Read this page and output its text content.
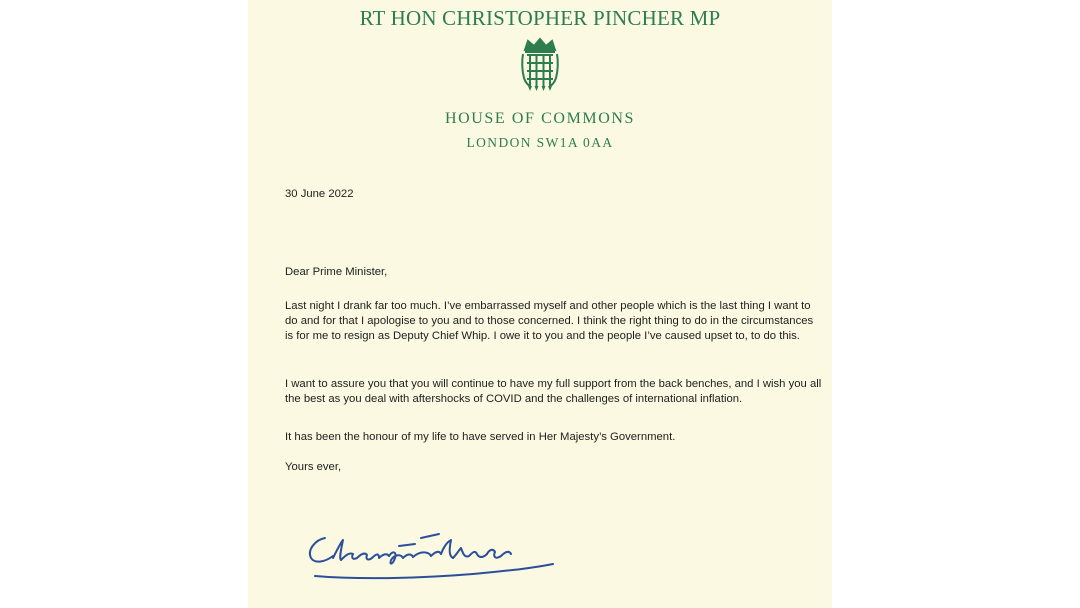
RT HON CHRISTOPHER PINCHER MP
HOUSE OF COMMONS
LONDON SW1A 0AA
30 June 2022
Dear Prime Minister,

Last night I drank far too much. I’ve embarrassed myself and other people which is the last thing I want to do and for that I apologise to you and to those concerned. I think the right thing to do in the circumstances is for me to resign as Deputy Chief Whip. I owe it to you and the people I’ve caused upset to, to do this.

I want to assure you that you will continue to have my full support from the back benches, and I wish you all the best as you deal with aftershocks of COVID and the challenges of international inflation.

It has been the honour of my life to have served in Her Majesty’s Government.

Yours ever,
